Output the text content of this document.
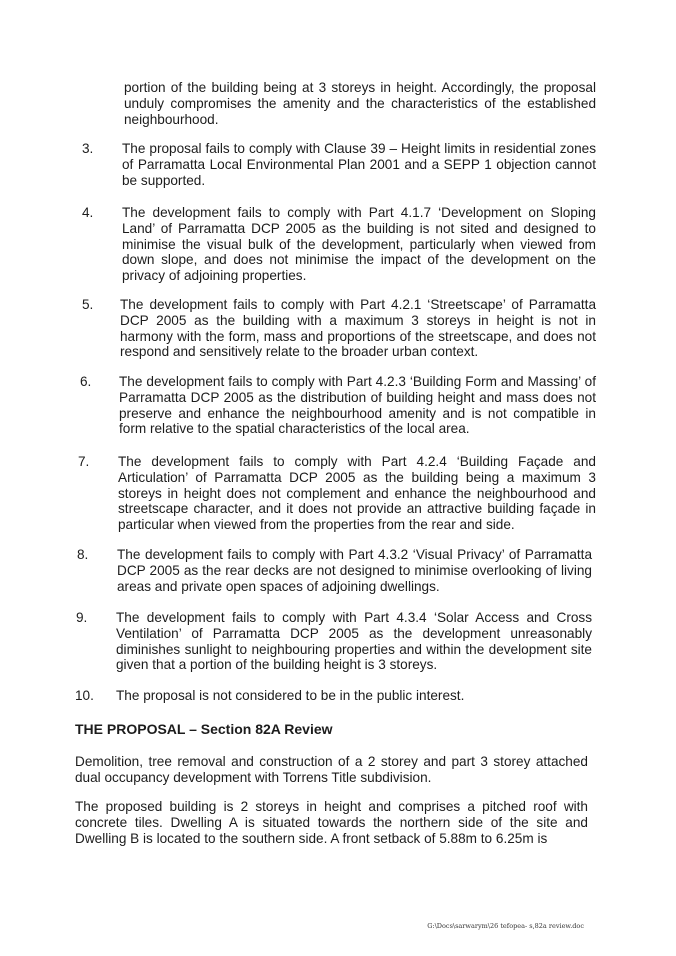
portion of the building being at 3 storeys in height. Accordingly, the proposal unduly compromises the amenity and the characteristics of the established neighbourhood.

3. The proposal fails to comply with Clause 39 – Height limits in residential zones of Parramatta Local Environmental Plan 2001 and a SEPP 1 objection cannot be supported.

4. The development fails to comply with Part 4.1.7 ‘Development on Sloping Land’ of Parramatta DCP 2005 as the building is not sited and designed to minimise the visual bulk of the development, particularly when viewed from down slope, and does not minimise the impact of the development on the privacy of adjoining properties.

5. The development fails to comply with Part 4.2.1 ‘Streetscape’ of Parramatta DCP 2005 as the building with a maximum 3 storeys in height is not in harmony with the form, mass and proportions of the streetscape, and does not respond and sensitively relate to the broader urban context.

6. The development fails to comply with Part 4.2.3 ‘Building Form and Massing’ of Parramatta DCP 2005 as the distribution of building height and mass does not preserve and enhance the neighbourhood amenity and is not compatible in form relative to the spatial characteristics of the local area.

7. The development fails to comply with Part 4.2.4 ‘Building Façade and Articulation’ of Parramatta DCP 2005 as the building being a maximum 3 storeys in height does not complement and enhance the neighbourhood and streetscape character, and it does not provide an attractive building façade in particular when viewed from the properties from the rear and side.

8. The development fails to comply with Part 4.3.2 ‘Visual Privacy’ of Parramatta DCP 2005 as the rear decks are not designed to minimise overlooking of living areas and private open spaces of adjoining dwellings.

9. The development fails to comply with Part 4.3.4 ‘Solar Access and Cross Ventilation’ of Parramatta DCP 2005 as the development unreasonably diminishes sunlight to neighbouring properties and within the development site given that a portion of the building height is 3 storeys.

10. The proposal is not considered to be in the public interest.

THE PROPOSAL – Section 82A Review

Demolition, tree removal and construction of a 2 storey and part 3 storey attached dual occupancy development with Torrens Title subdivision.

The proposed building is 2 storeys in height and comprises a pitched roof with concrete tiles. Dwelling A is situated towards the northern side of the site and Dwelling B is located to the southern side. A front setback of 5.88m to 6.25m is

G:\Docs\sarwarym\26 tefopea- s,82a review.doc
